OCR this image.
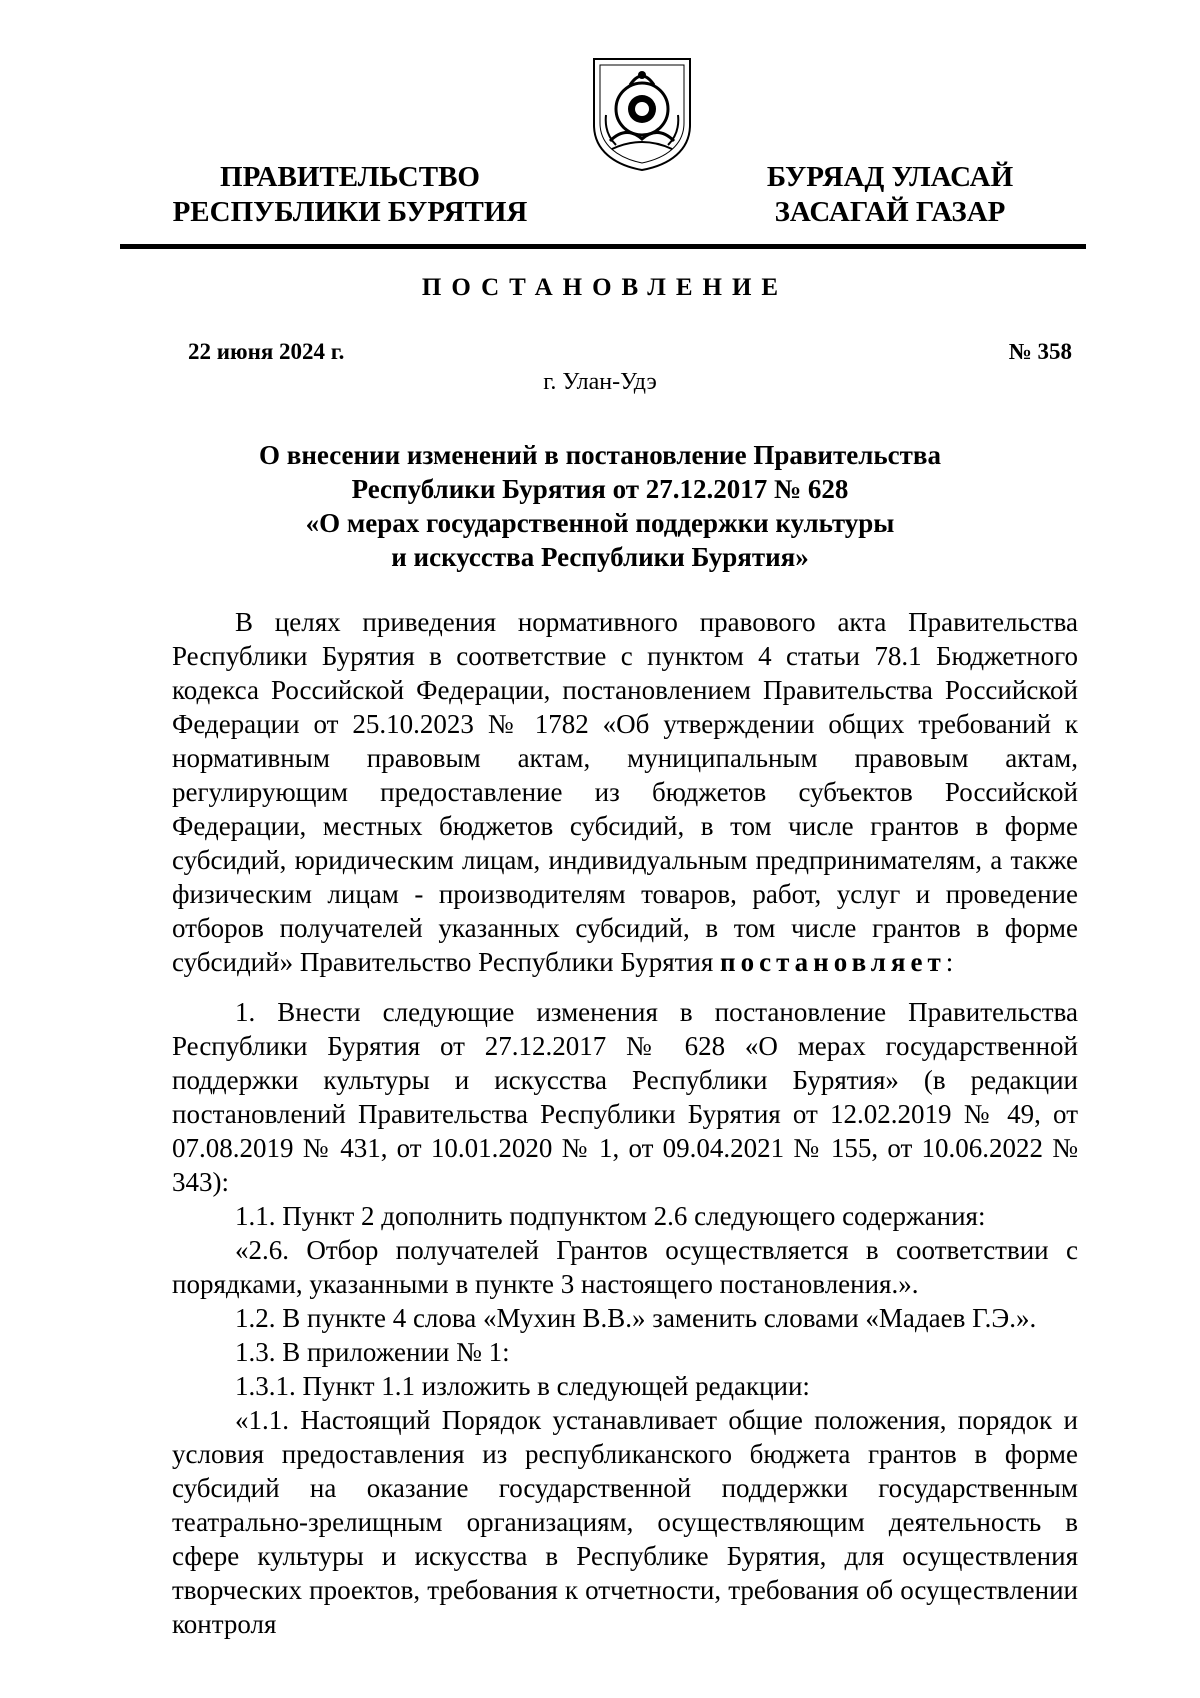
ПРАВИТЕЛЬСТВО
РЕСПУБЛИКИ БУРЯТИЯ
БУРЯАД УЛАСАЙ
ЗАСАГАЙ ГАЗАР
ПОСТАНОВЛЕНИЕ
22 июня 2024 г.	№ 358
г. Улан-Удэ
О внесении изменений в постановление Правительства
Республики Бурятия от 27.12.2017 № 628
«О мерах государственной поддержки культуры
и искусства Республики Бурятия»

В целях приведения нормативного правового акта Правительства Республики Бурятия в соответствие с пунктом 4 статьи 78.1 Бюджетного кодекса Российской Федерации, постановлением Правительства Российской Федерации от 25.10.2023 № 1782 «Об утверждении общих требований к нормативным правовым актам, муниципальным правовым актам, регулирующим предоставление из бюджетов субъектов Российской Федерации, местных бюджетов субсидий, в том числе грантов в форме субсидий, юридическим лицам, индивидуальным предпринимателям, а также физическим лицам - производителям товаров, работ, услуг и проведение отборов получателей указанных субсидий, в том числе грантов в форме субсидий» Правительство Республики Бурятия постановляет:

1. Внести следующие изменения в постановление Правительства Республики Бурятия от 27.12.2017 № 628 «О мерах государственной поддержки культуры и искусства Республики Бурятия» (в редакции постановлений Правительства Республики Бурятия от 12.02.2019 № 49, от 07.08.2019 № 431, от 10.01.2020 № 1, от 09.04.2021 № 155, от 10.06.2022 № 343):

1.1. Пункт 2 дополнить подпунктом 2.6 следующего содержания:

«2.6. Отбор получателей Грантов осуществляется в соответствии с порядками, указанными в пункте 3 настоящего постановления.».

1.2. В пункте 4 слова «Мухин В.В.» заменить словами «Мадаев Г.Э.».

1.3. В приложении № 1:

1.3.1. Пункт 1.1 изложить в следующей редакции:

«1.1. Настоящий Порядок устанавливает общие положения, порядок и условия предоставления из республиканского бюджета грантов в форме субсидий на оказание государственной поддержки государственным театрально-зрелищным организациям, осуществляющим деятельность в сфере культуры и искусства в Республике Бурятия, для осуществления творческих проектов, требования к отчетности, требования об осуществлении контроля
